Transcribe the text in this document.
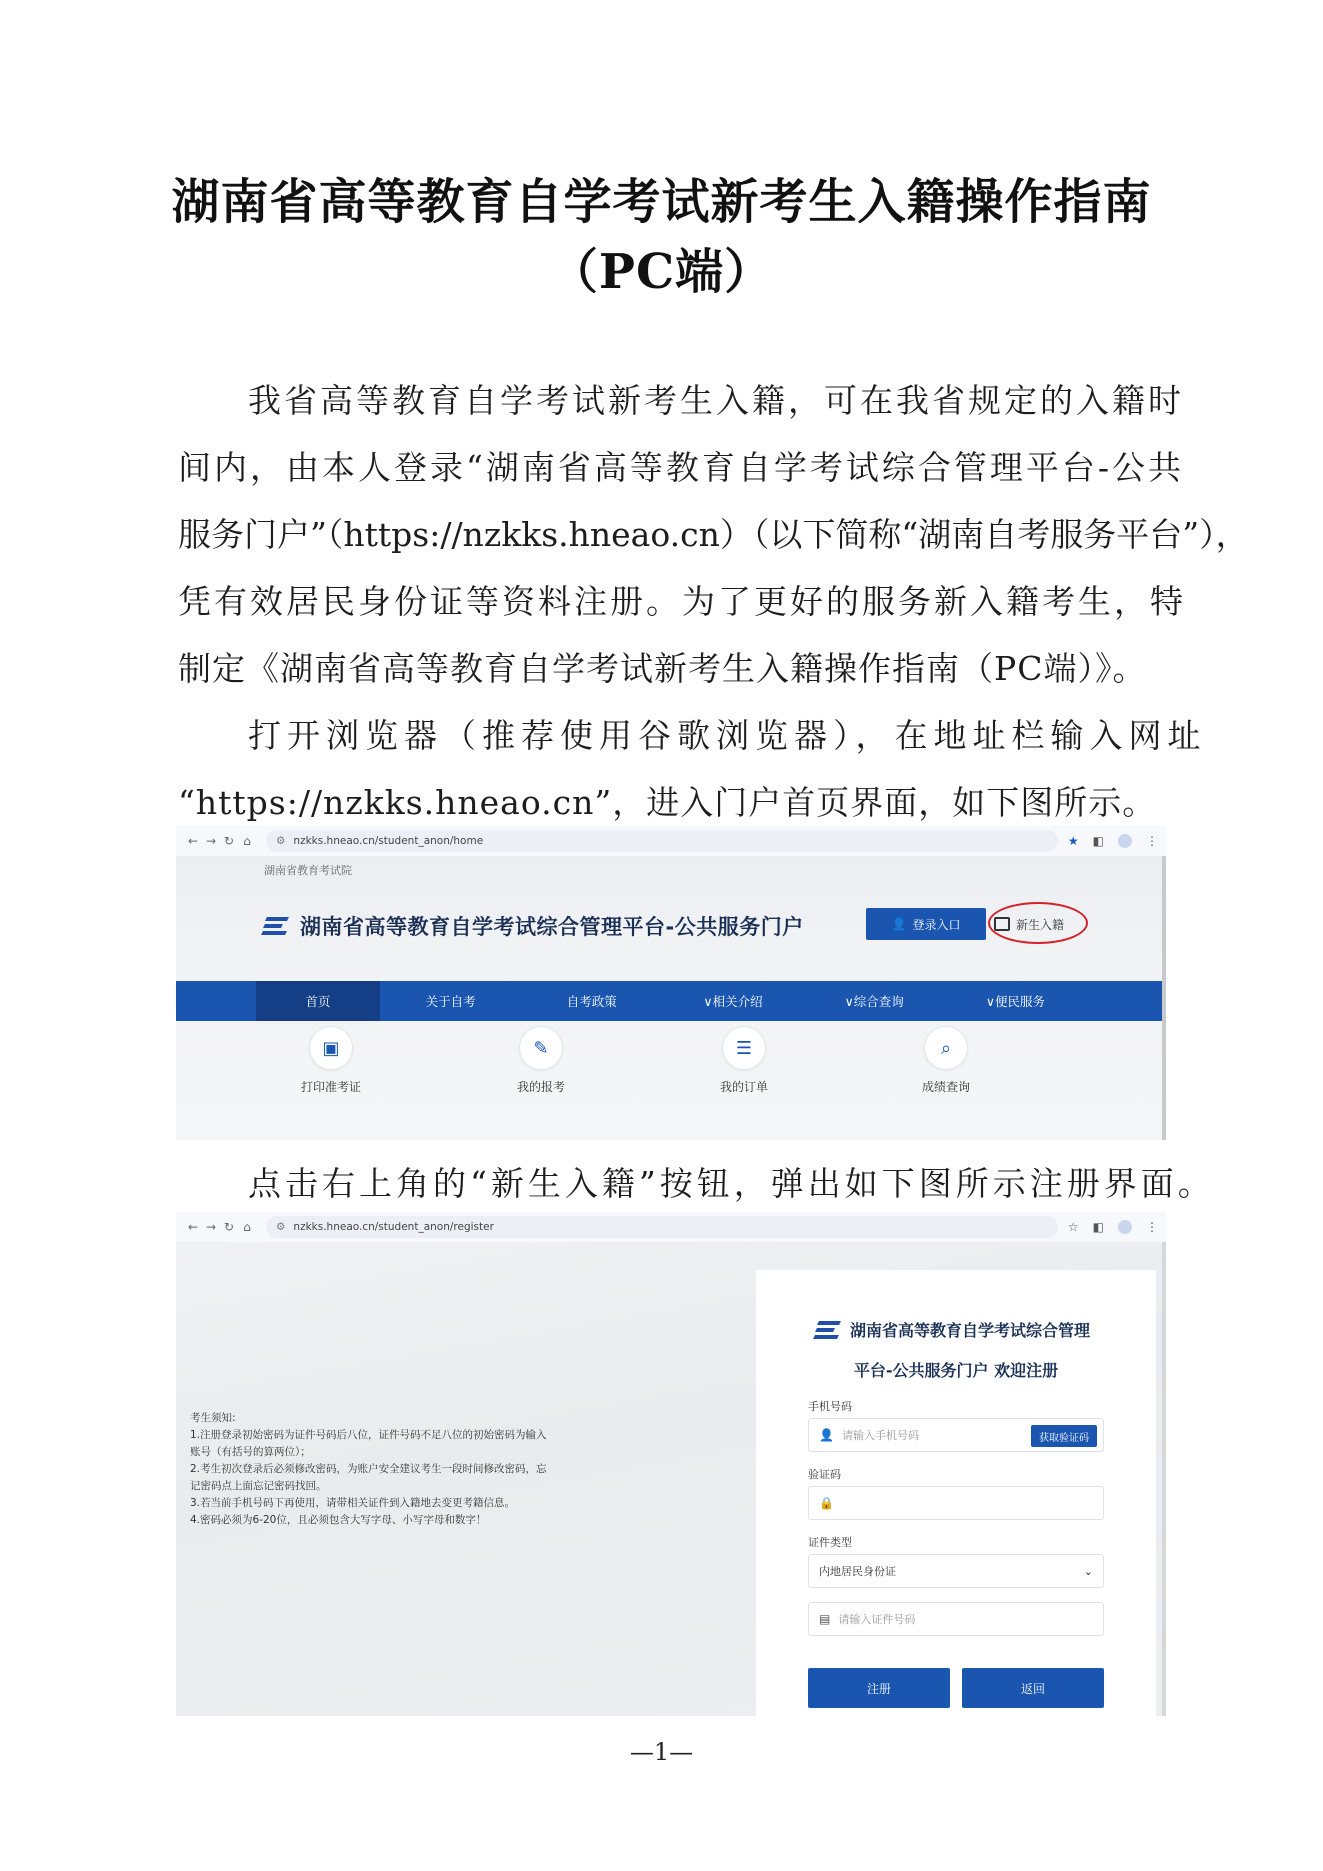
湖南省高等教育自学考试新考生入籍操作指南
（PC端）
我省高等教育自学考试新考生入籍，可在我省规定的入籍时
间内，由本人登录“湖南省高等教育自学考试综合管理平台-公共
服务门户”（https://nzkks.hneao.cn）（以下简称“湖南自考服务平台”），
凭有效居民身份证等资料注册。为了更好的服务新入籍考生，特
制定《湖南省高等教育自学考试新考生入籍操作指南（PC端）》。
打开浏览器（推荐使用谷歌浏览器），在地址栏输入网址
“https://nzkks.hneao.cn”，进入门户首页界面，如下图所示。
← → ↻ ⌂	⚙ nzkks.hneao.cn/student_anon/home	★ ◧	⋮
湖南省教育考试院
湖南省高等教育自学考试综合管理平台-公共服务门户	👤 登录入口	新生入籍
首页	关于自考	自考政策	∨相关介绍	∨综合查询	∨便民服务
▣
打印准考证
✎
我的报考
☰
我的订单
⌕
成绩查询
点击右上角的“新生入籍”按钮，弹出如下图所示注册界面。
← → ↻ ⌂	⚙ nzkks.hneao.cn/student_anon/register	☆ ◧	⋮
考生须知:
1.注册登录初始密码为证件号码后八位，证件号码不足八位的初始密码为输入
账号（有括号的算两位）；
2.考生初次登录后必须修改密码，为账户安全建议考生一段时间修改密码，忘
记密码点上面忘记密码找回。
3.若当前手机号码下再使用，请带相关证件到入籍地去变更考籍信息。
4.密码必须为6-20位，且必须包含大写字母、小写字母和数字！
湖南省高等教育自学考试综合管理
平台-公共服务门户 欢迎注册
手机号码
👤 请输入手机号码	获取验证码
验证码
🔒
证件类型
内地居民身份证	⌄
▤ 请输入证件号码
注册	返回
—1—
